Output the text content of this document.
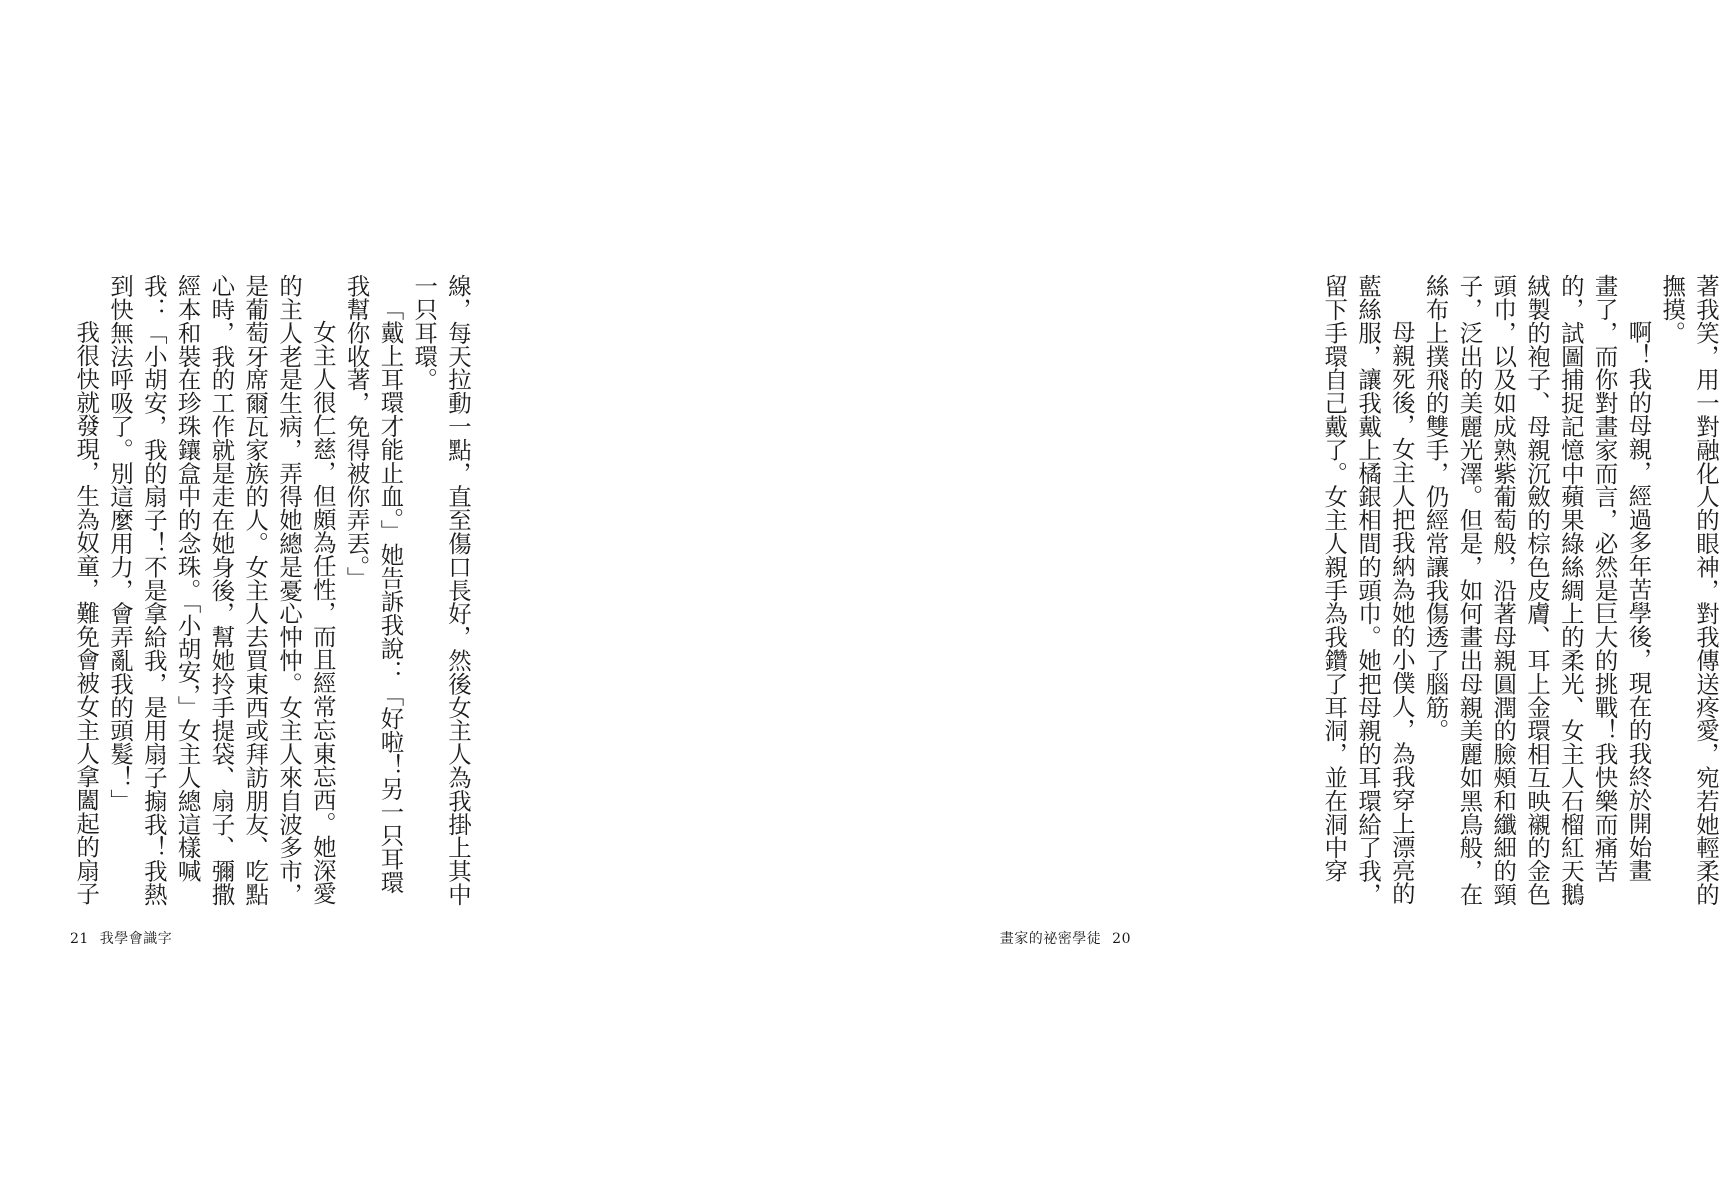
線，每天拉動一點，直至傷口長好，然後女主人為我掛上其中
一只耳環。
「戴上耳環才能止血。」她告訴我說：「好啦！另一只耳環
我幫你收著，免得被你弄丟。」
女主人很仁慈，但頗為任性，而且經常忘東忘西。她深愛
的主人老是生病，弄得她總是憂心忡忡。女主人來自波多市，
是葡萄牙席爾瓦家族的人。女主人去買東西或拜訪朋友、吃點
心時，我的工作就是走在她身後，幫她拎手提袋、扇子、彌撒
經本和裝在珍珠鑲盒中的念珠。「小胡安，」女主人總這樣喊
我：「小胡安，我的扇子！不是拿給我，是用扇子搧我！我熱
到快無法呼吸了。別這麼用力，會弄亂我的頭髮！」
我很快就發現，生為奴童，難免會被女主人拿闔起的扇子
21 我學會識字
著我笑，用一對融化人的眼神，對我傳送疼愛，宛若她輕柔的
撫摸。
啊！我的母親，經過多年苦學後，現在的我終於開始畫
畫了，而你對畫家而言，必然是巨大的挑戰！我快樂而痛苦
的，試圖捕捉記憶中蘋果綠絲綢上的柔光、女主人石榴紅天鵝
絨製的袍子、母親沉斂的棕色皮膚、耳上金環相互映襯的金色
頭巾，以及如成熟紫葡萄般，沿著母親圓潤的臉頰和纖細的頸
子，泛出的美麗光澤。但是，如何畫出母親美麗如黑鳥般，在
絲布上撲飛的雙手，仍經常讓我傷透了腦筋。
母親死後，女主人把我納為她的小僕人，為我穿上漂亮的
藍絲服，讓我戴上橘銀相間的頭巾。她把母親的耳環給了我，
留下手環自己戴了。女主人親手為我鑽了耳洞，並在洞中穿
畫家的祕密學徒 20
